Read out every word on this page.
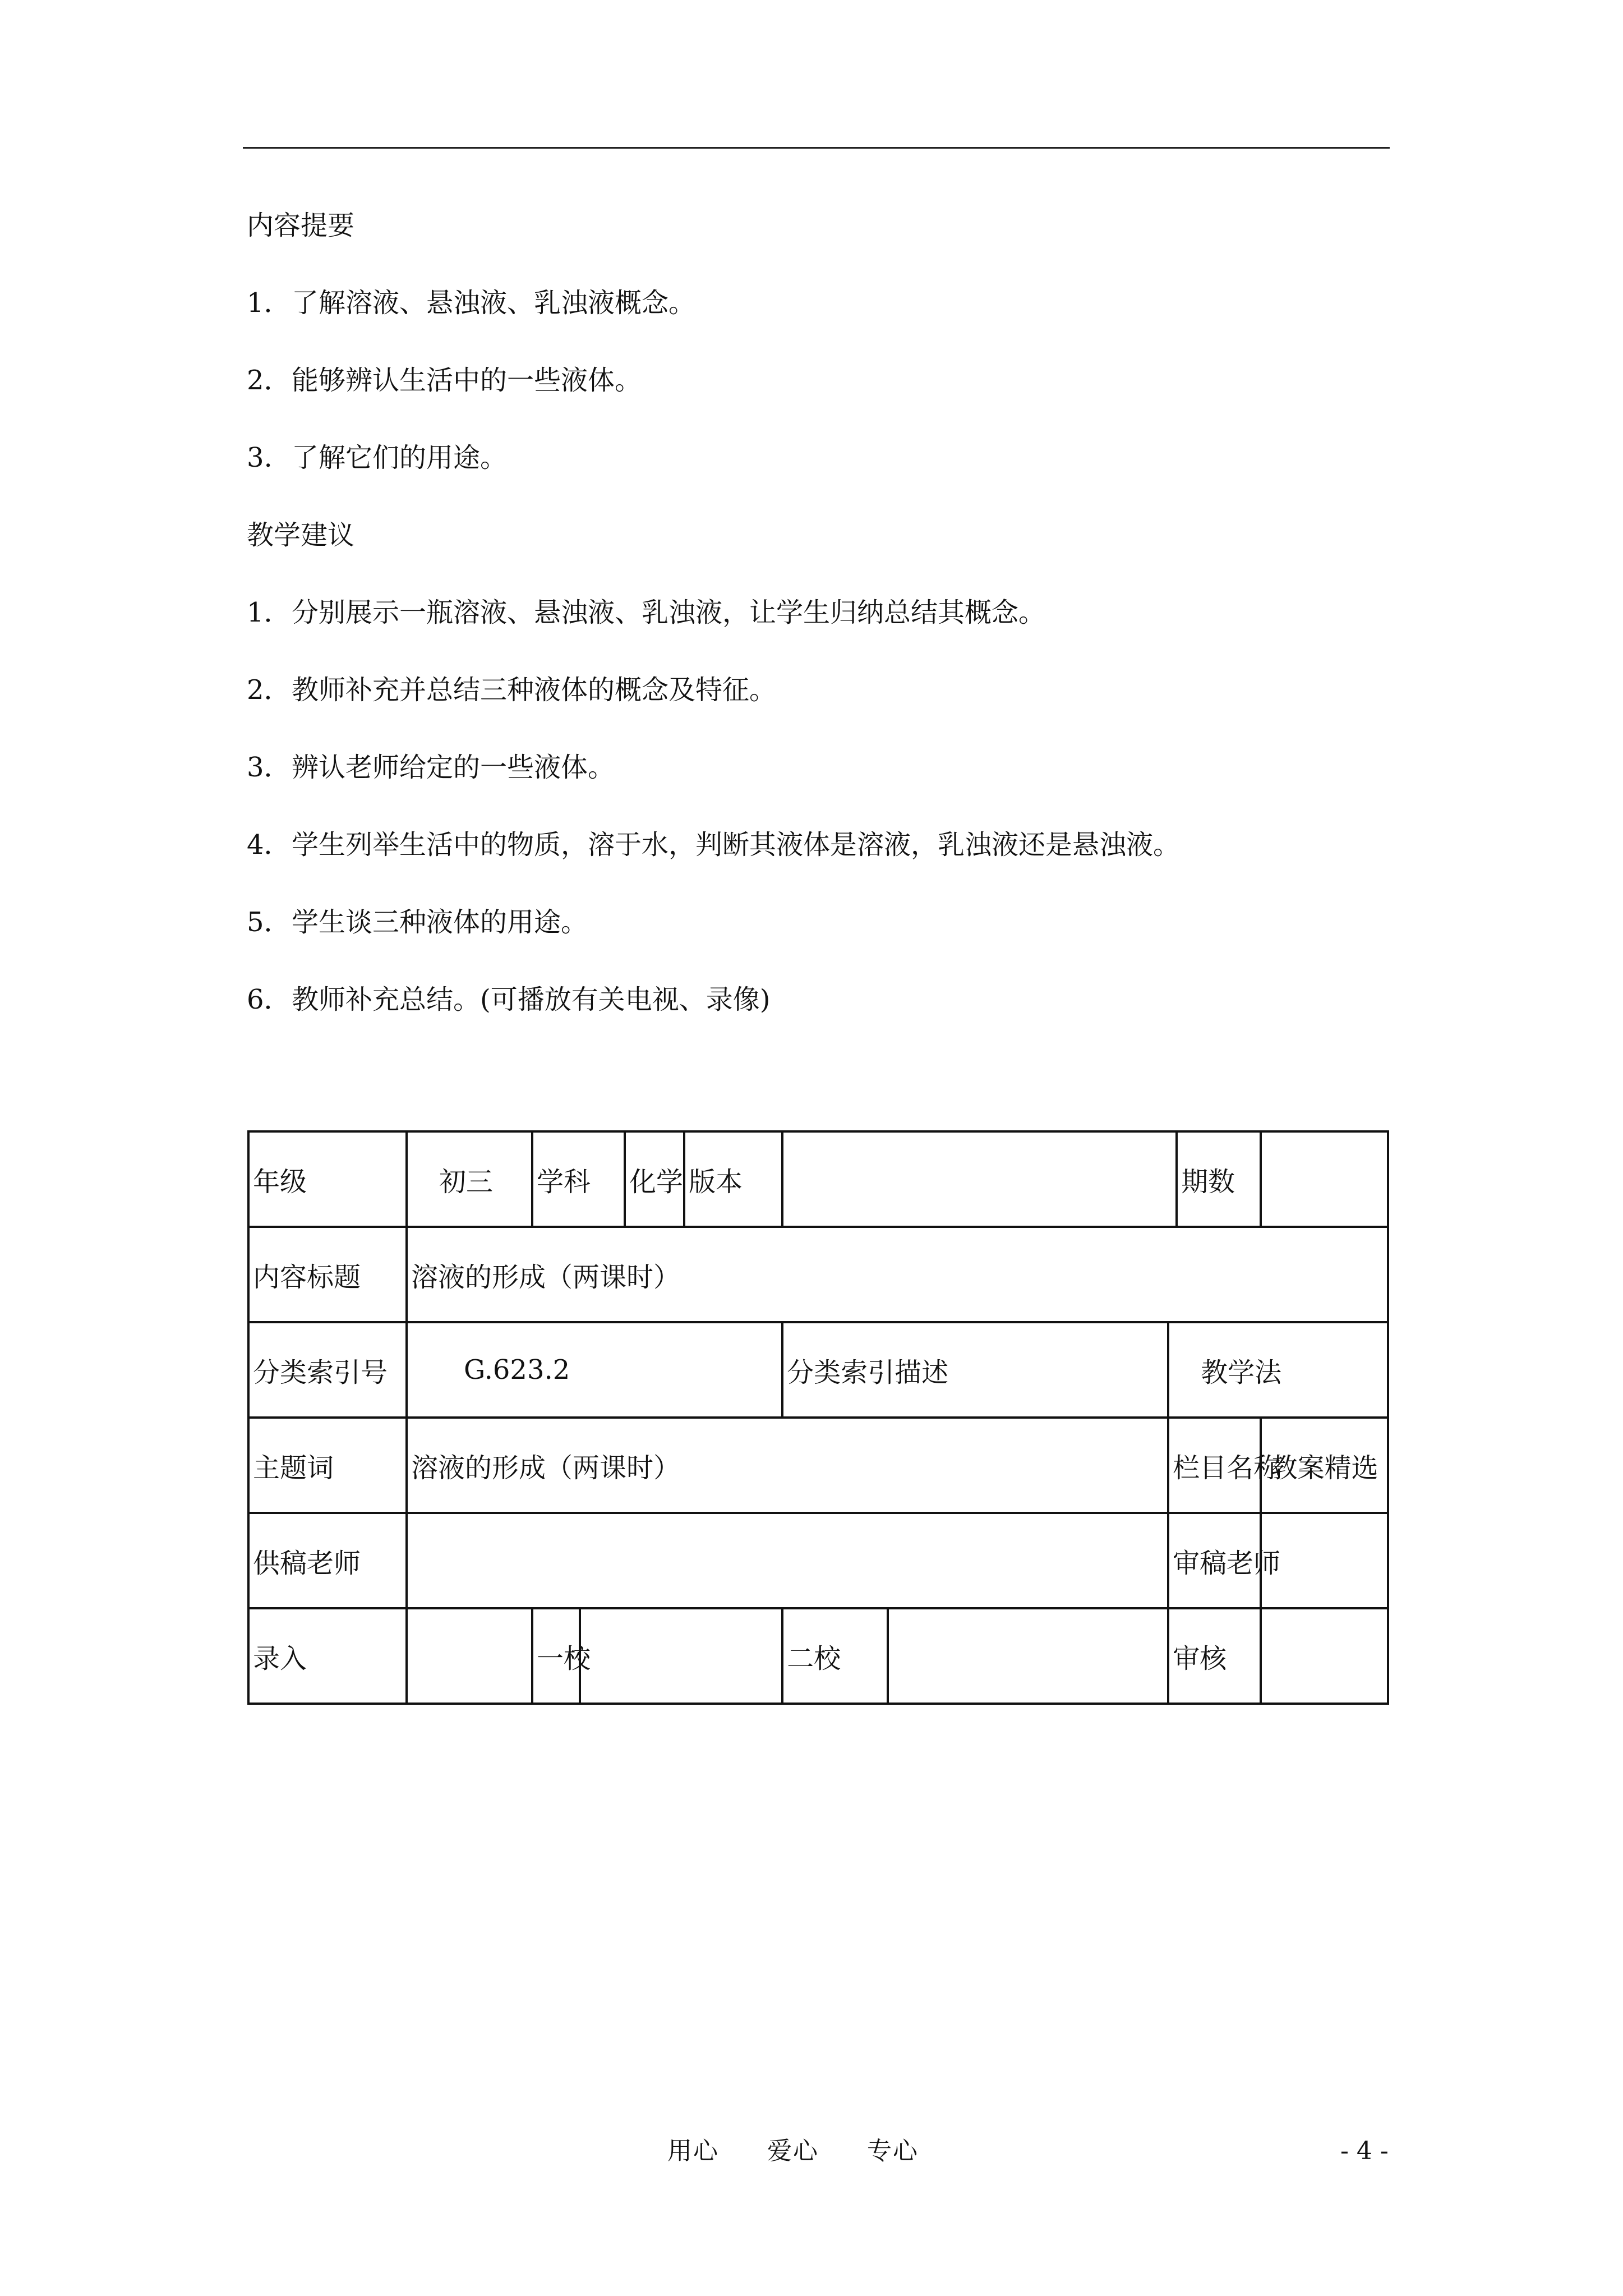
内容提要
1．了解溶液、悬浊液、乳浊液概念。
2．能够辨认生活中的一些液体。
3. 了解它们的用途。
教学建议
1．分别展示一瓶溶液、悬浊液、乳浊液，让学生归纳总结其概念。
2．教师补充并总结三种液体的概念及特征。
3．辨认老师给定的一些液体。
4．学生列举生活中的物质，溶于水，判断其液体是溶液，乳浊液还是悬浊液。
5．学生谈三种液体的用途。
6．教师补充总结。(可播放有关电视、录像)
年级	初三	学科		化学	版本				期数	
内容标题	溶液的形成（两课时）									
分类索引号	G.623.2					分类索引描述		教学法		
主题词	溶液的形成（两课时）							栏目名称		教案精选
供稿老师								审稿老师		
录入		一校				二校		审核		
用心 爱心 专心	- 4 -
